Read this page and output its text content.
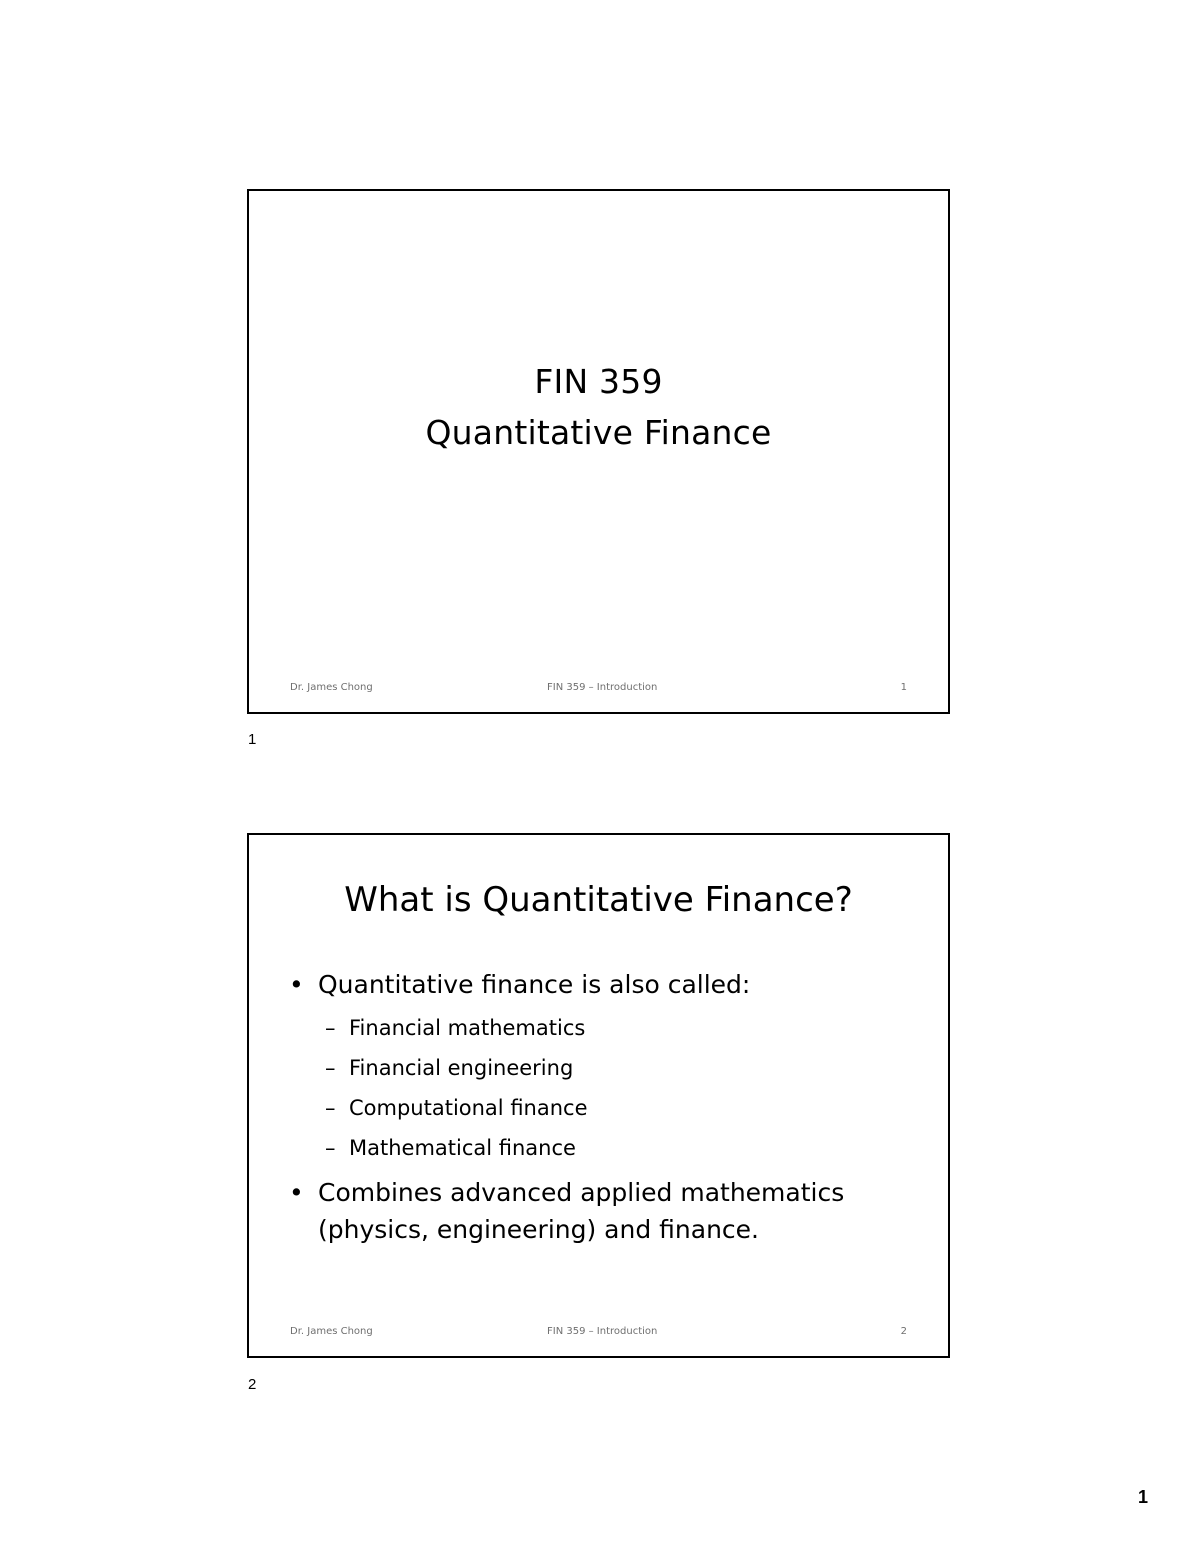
FIN 359
Quantitative Finance
Dr. James Chong	FIN 359 – Introduction	1
1
What is Quantitative Finance?
• Quantitative finance is also called:
– Financial mathematics
– Financial engineering
– Computational finance
– Mathematical finance
• Combines advanced applied mathematics (physics, engineering) and finance.
Dr. James Chong	FIN 359 – Introduction	2
2
1
